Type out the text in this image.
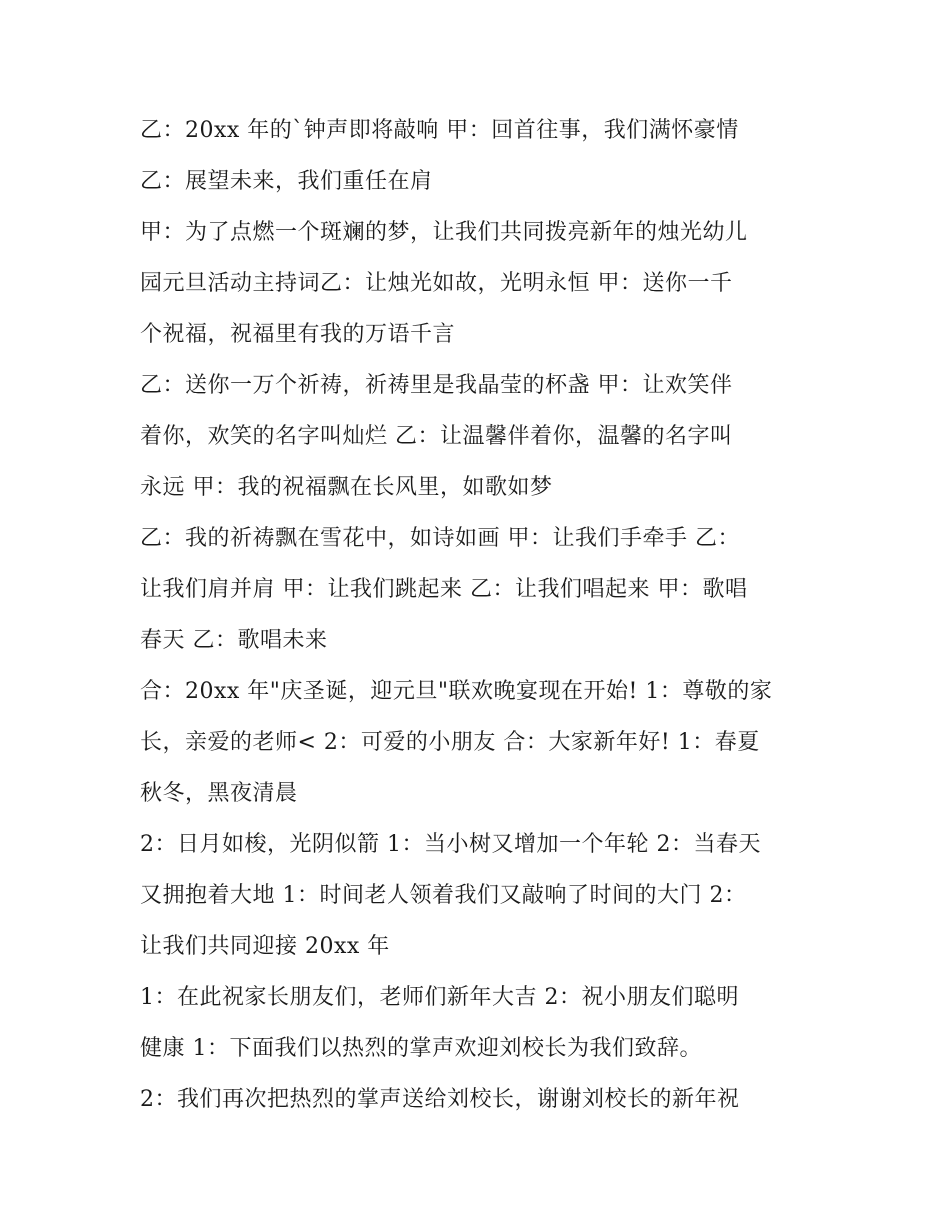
乙：20xx 年的`钟声即将敲响 甲：回首往事，我们满怀豪情
乙：展望未来，我们重任在肩
甲：为了点燃一个斑斓的梦，让我们共同拨亮新年的烛光幼儿
园元旦活动主持词乙：让烛光如故，光明永恒 甲：送你一千
个祝福，祝福里有我的万语千言
乙：送你一万个祈祷，祈祷里是我晶莹的杯盏 甲：让欢笑伴
着你，欢笑的名字叫灿烂 乙：让温馨伴着你，温馨的名字叫
永远 甲：我的祝福飘在长风里，如歌如梦
乙：我的祈祷飘在雪花中，如诗如画 甲：让我们手牵手 乙：
让我们肩并肩 甲：让我们跳起来 乙：让我们唱起来 甲：歌唱
春天 乙：歌唱未来
合：20xx 年"庆圣诞，迎元旦"联欢晚宴现在开始! 1：尊敬的家
长，亲爱的老师< 2：可爱的小朋友 合：大家新年好! 1：春夏
秋冬，黑夜清晨
2：日月如梭，光阴似箭 1：当小树又增加一个年轮 2：当春天
又拥抱着大地 1：时间老人领着我们又敲响了时间的大门 2：
让我们共同迎接 20xx 年
1：在此祝家长朋友们，老师们新年大吉 2：祝小朋友们聪明
健康 1：下面我们以热烈的掌声欢迎刘校长为我们致辞。
2：我们再次把热烈的掌声送给刘校长，谢谢刘校长的新年祝
